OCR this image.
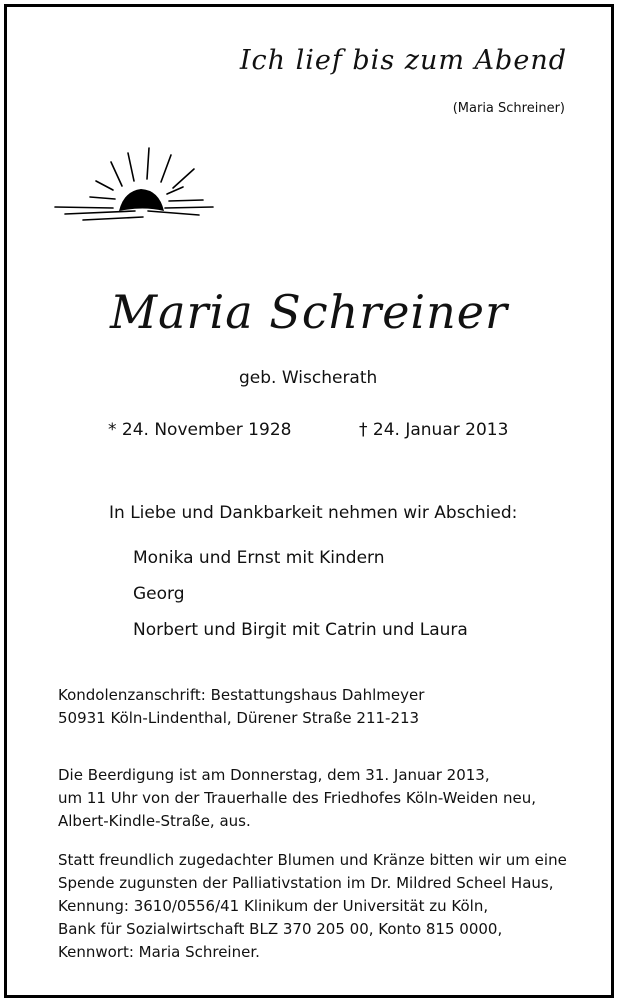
Ich lief bis zum Abend
(Maria Schreiner)
Maria Schreiner
geb. Wischerath
* 24. November 1928	† 24. Januar 2013
In Liebe und Dankbarkeit nehmen wir Abschied:
Monika und Ernst mit Kindern
Georg
Norbert und Birgit mit Catrin und Laura
Kondolenzanschrift: Bestattungshaus Dahlmeyer
50931 Köln-Lindenthal, Dürener Straße 211-213
Die Beerdigung ist am Donnerstag, dem 31. Januar 2013,
um 11 Uhr von der Trauerhalle des Friedhofes Köln-Weiden neu,
Albert-Kindle-Straße, aus.
Statt freundlich zugedachter Blumen und Kränze bitten wir um eine
Spende zugunsten der Palliativstation im Dr. Mildred Scheel Haus,
Kennung: 3610/0556/41 Klinikum der Universität zu Köln,
Bank für Sozialwirtschaft BLZ 370 205 00, Konto 815 0000,
Kennwort: Maria Schreiner.
